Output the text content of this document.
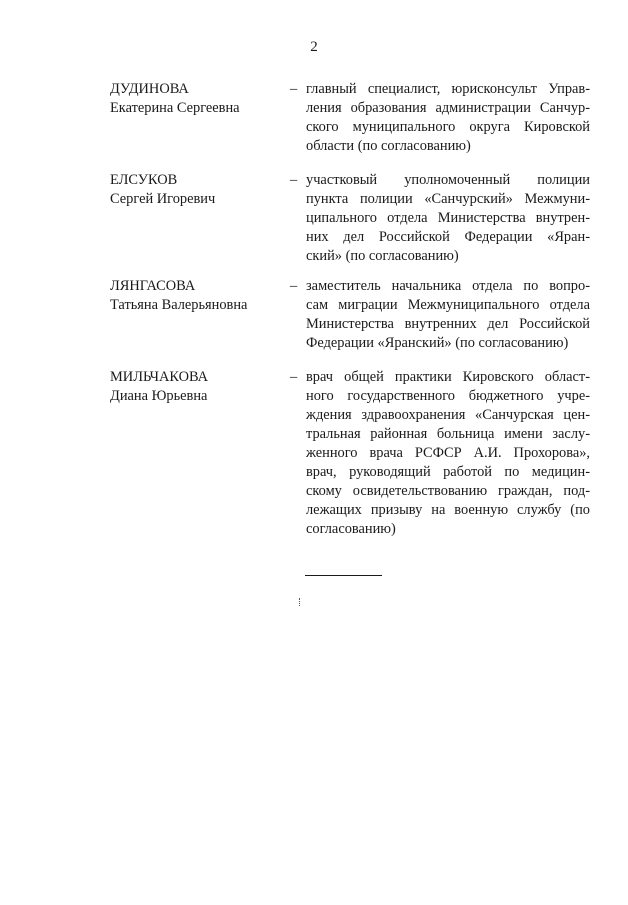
2
ДУДИНОВА
Екатерина Сергеевна
– главный специалист, юрисконсульт Управ-
ления образования администрации Санчур-
ского муниципального округа Кировской
области (по согласованию)
ЕЛСУКОВ
Сергей Игоревич
– участковый уполномоченный полиции
пункта полиции «Санчурский» Межмуни-
ципального отдела Министерства внутрен-
них дел Российской Федерации «Яран-
ский» (по согласованию)
ЛЯНГАСОВА
Татьяна Валерьяновна
– заместитель начальника отдела по вопро-
сам миграции Межмуниципального отдела
Министерства внутренних дел Российской
Федерации «Яранский» (по согласованию)
МИЛЬЧАКОВА
Диана Юрьевна
– врач общей практики Кировского област-
ного государственного бюджетного учре-
ждения здравоохранения «Санчурская цен-
тральная районная больница имени заслу-
женного врача РСФСР А.И. Прохорова»,
врач, руководящий работой по медицин-
скому освидетельствованию граждан, под-
лежащих призыву на военную службу (по
согласованию)
